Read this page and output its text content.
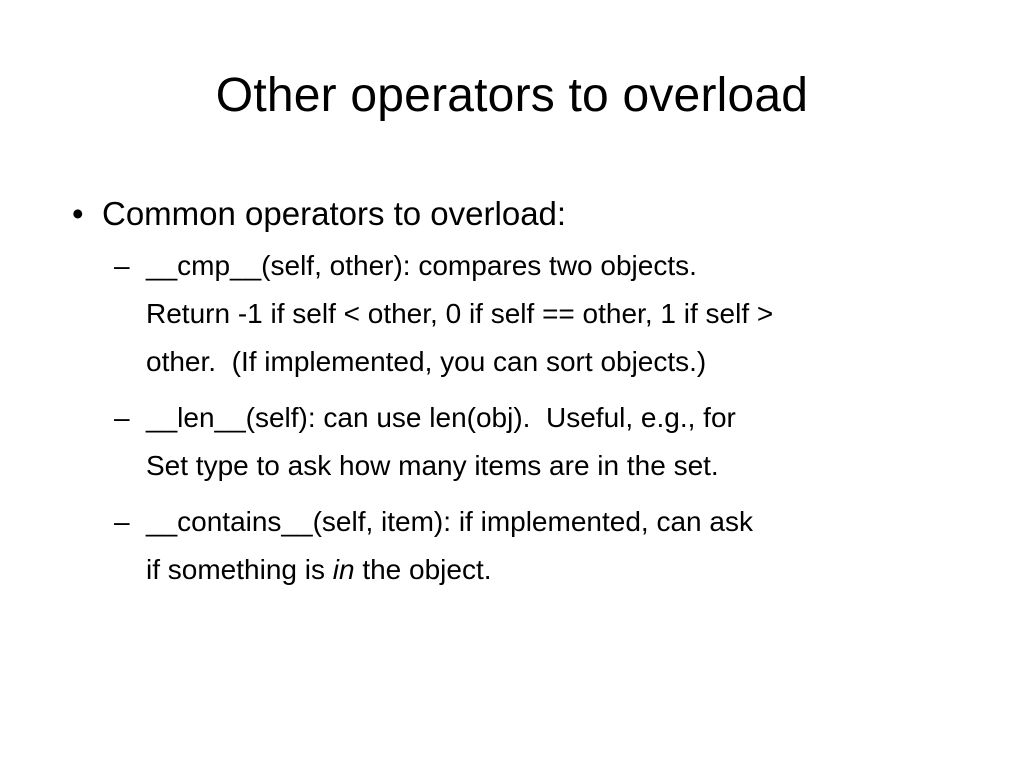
Other operators to overload
• Common operators to overload:
– __cmp__(self, other): compares two objects.
Return -1 if self < other, 0 if self == other, 1 if self >
other.  (If implemented, you can sort objects.)
– __len__(self): can use len(obj).  Useful, e.g., for
Set type to ask how many items are in the set.
– __contains__(self, item): if implemented, can ask
if something is in the object.
